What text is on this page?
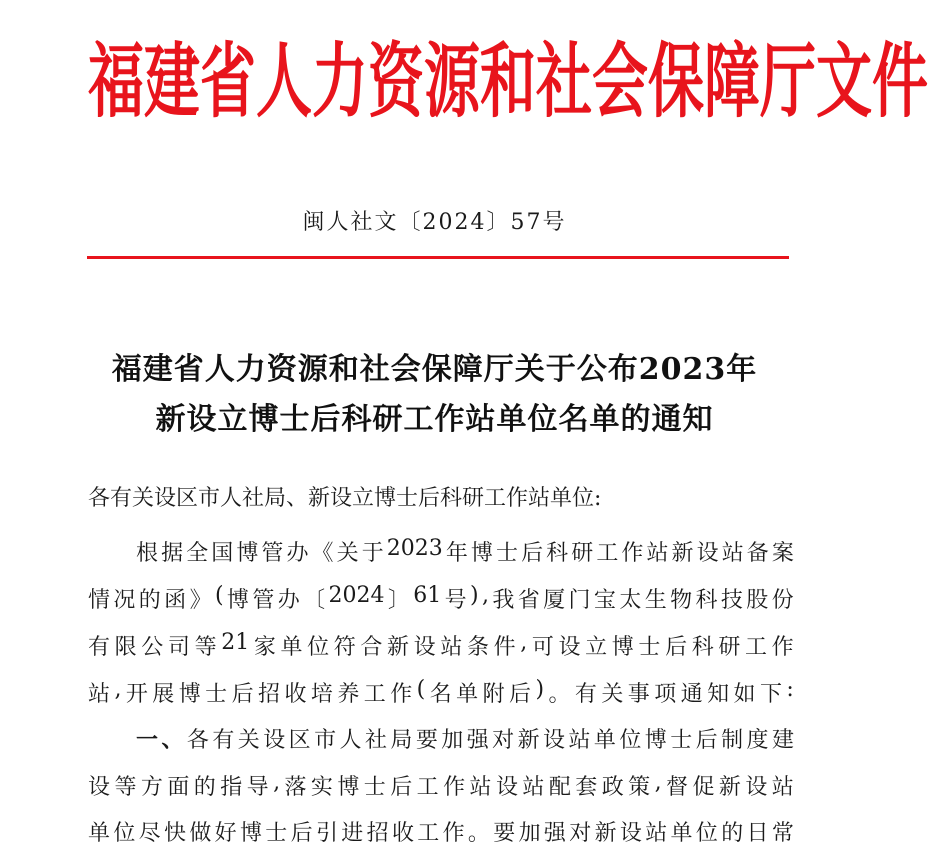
福 建 省 人 力 资 源 和 社 会 保 障 厅 文 件
闽人社文〔2024〕57号
福建省人力资源和社会保障厅关于公布2023年
新设立博士后科研工作站单位名单的通知
各有关设区市人社局、新设立博士后科研工作站单位:
根 据 全 国 博 管 办 《 关 于 2023 年 博 士 后 科 研 工 作 站 新 设 站 备 案
情 况 的 函 》 ( 博 管 办 〔 2024 〕 61 号 ) , 我 省 厦 门 宝 太 生 物 科 技 股 份
有 限 公 司 等 21 家 单 位 符 合 新 设 站 条 件 , 可 设 立 博 士 后 科 研 工 作
站 , 开 展 博 士 后 招 收 培 养 工 作 ( 名 单 附 后 ) 。 有 关 事 项 通 知 如 下 :
一 、 各 有 关 设 区 市 人 社 局 要 加 强 对 新 设 站 单 位 博 士 后 制 度 建
设 等 方 面 的 指 导 , 落 实 博 士 后 工 作 站 设 站 配 套 政 策 , 督 促 新 设 站
单 位 尽 快 做 好 博 士 后 引 进 招 收 工 作 。 要 加 强 对 新 设 站 单 位 的 日 常
